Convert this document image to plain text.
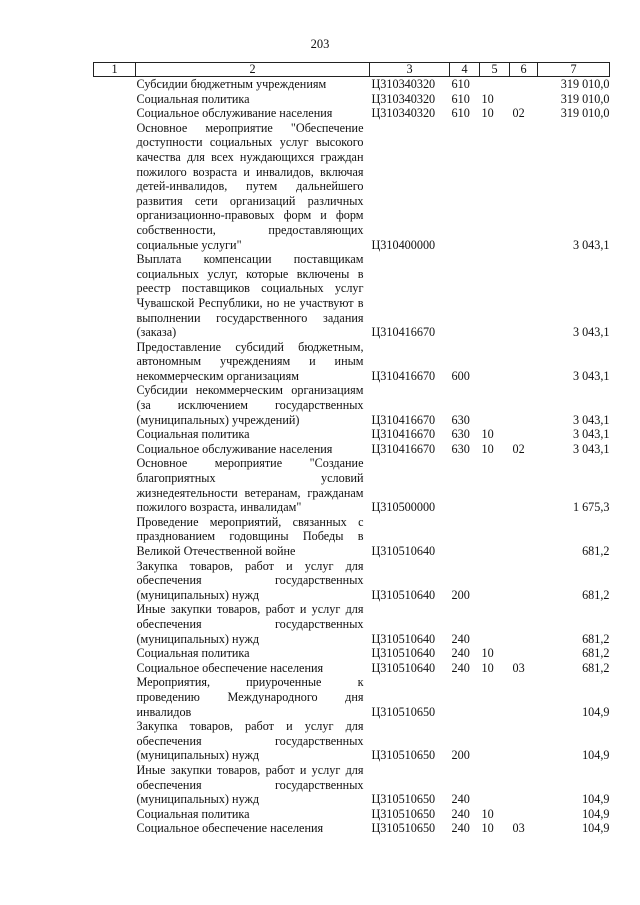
203
1	2	3	4	5	6	7
	Субсидии бюджетным учреждениям	Ц310340320	610			319 010,0
	Социальная политика	Ц310340320	610	10		319 010,0
	Социальное обслуживание населения	Ц310340320	610	10	02	319 010,0
	Основное мероприятие "Обеспечение доступности социальных услуг высокого качества для всех нуждающихся граждан пожилого возраста и инвалидов, включая детей-инвалидов, путем дальнейшего развития сети организаций различных организационно-правовых форм и форм собственности, предоставляющих социальные услуги"	Ц310400000				3 043,1
	Выплата компенсации поставщикам социальных услуг, которые включены в реестр поставщиков социальных услуг Чувашской Республики, но не участвуют в выполнении государственного задания (заказа)	Ц310416670				3 043,1
	Предоставление субсидий бюджетным, автономным учреждениям и иным некоммерческим организациям	Ц310416670	600			3 043,1
	Субсидии некоммерческим организациям (за исключением государственных (муниципальных) учреждений)	Ц310416670	630			3 043,1
	Социальная политика	Ц310416670	630	10		3 043,1
	Социальное обслуживание населения	Ц310416670	630	10	02	3 043,1
	Основное мероприятие "Создание благоприятных условий жизнедеятельности ветеранам, гражданам пожилого возраста, инвалидам"	Ц310500000				1 675,3
	Проведение мероприятий, связанных с празднованием годовщины Победы в Великой Отечественной войне	Ц310510640				681,2
	Закупка товаров, работ и услуг для обеспечения государственных (муниципальных) нужд	Ц310510640	200			681,2
	Иные закупки товаров, работ и услуг для обеспечения государственных (муниципальных) нужд	Ц310510640	240			681,2
	Социальная политика	Ц310510640	240	10		681,2
	Социальное обеспечение населения	Ц310510640	240	10	03	681,2
	Мероприятия, приуроченные к проведению Международного дня инвалидов	Ц310510650				104,9
	Закупка товаров, работ и услуг для обеспечения государственных (муниципальных) нужд	Ц310510650	200			104,9
	Иные закупки товаров, работ и услуг для обеспечения государственных (муниципальных) нужд	Ц310510650	240			104,9
	Социальная политика	Ц310510650	240	10		104,9
	Социальное обеспечение населения	Ц310510650	240	10	03	104,9
